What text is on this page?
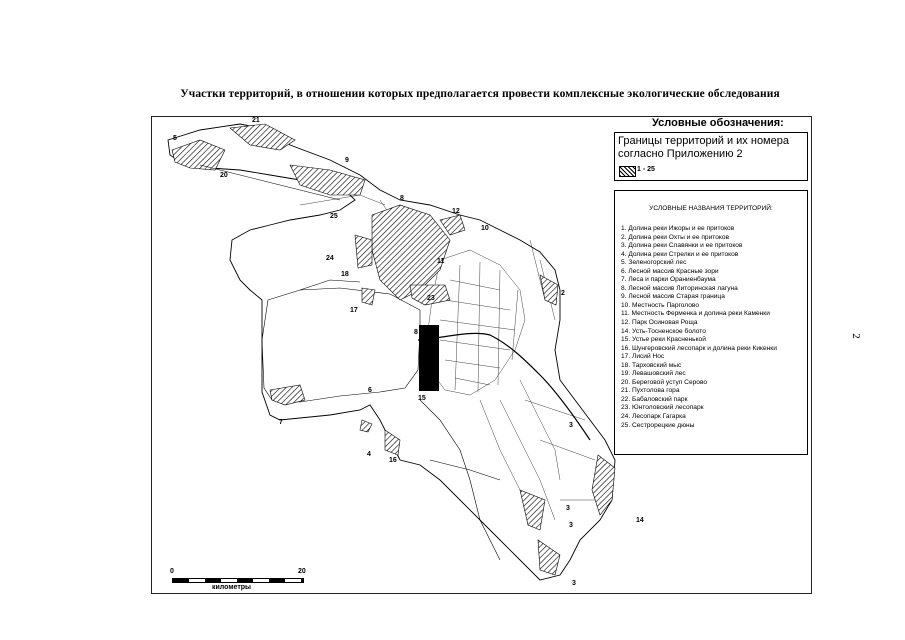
Участки территорий, в отношении которых предполагается провести комплексные экологические обследования
2
21
5
20
9
8
25
12
10
24
18
17
11
23
8
2
6
7
15
4
16
3
3
14
3
3
Условные обозначения:
Границы территорий и их номера согласно Приложению 2
1 - 25
УСЛОВНЫЕ НАЗВАНИЯ ТЕРРИТОРИЙ:
1. Долина реки Ижоры и ее притоков
2. Долина реки Охты и ее притоков
3. Долина реки Славянки и ее притоков
4. Долина реки Стрелки и ее притоков
5. Зеленогорский лес
6. Лесной массив Красные зори
7. Леса и парки Ораниенбаума
8. Лесной массив Литоринская лагуна
9. Лесной массив Старая граница
10. Местность Парголово
11. Местность Ферменка и долина реки Каменки
12. Парк Осиновая Роща
14. Усть-Тосненское болото
15. Устье реки Красненькой
16. Шунгеровский лесопарк и долина реки Кикенки
17. Лисий Нос
18. Тарховский мыс
19. Левашовский лес
20. Береговой уступ Серово
21. Пухтолова гора
22. Бабаловский парк
23. Юнтоловский лесопарк
24. Лесопарк Гагарка
25. Сестрорецкие дюны
0	20
километры
